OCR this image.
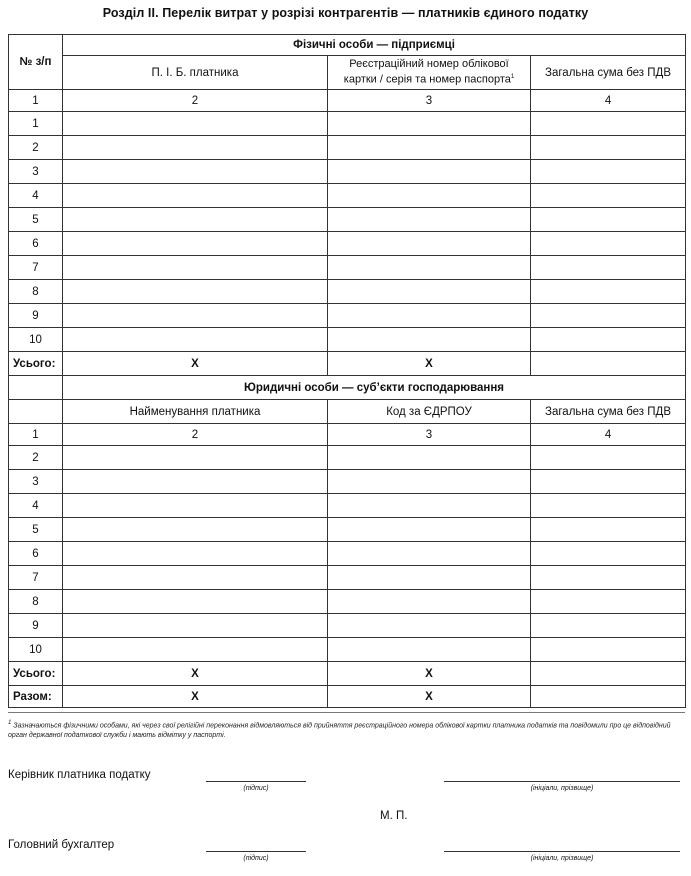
Розділ ІІ. Перелік витрат у розрізі контрагентів — платників єдиного податку
№ з/п	Фізичні особи — підприємці		
	П. І. Б. платника	Реєстраційний номер облікової
картки / серія та номер паспорта$^1$	Загальна сума без ПДВ
1	2	3	4
1			
2			
3			
4			
5			
6			
7			
8			
9			
10			
Усього:	Х	Х	
	Юридичні особи — суб’єкти господарювання		
	Найменування платника	Код за ЄДРПОУ	Загальна сума без ПДВ
1	2	3	4
2			
3			
4			
5			
6			
7			
8			
9			
10			
Усього:	Х	Х	
Разом:	Х	Х	
$^1$ Зазначаються фізичними особами, які через свої релігійні переконання відмовляються від прийняття реєстраційного номера облікової картки платника податків та повідомили про це відповідний орган державної податкової служби і мають відмітку у паспорті.
Керівник платника податку
(підпис)	(ініціали, прізвище)
М. П.
Головний бухгалтер
(підпис)	(ініціали, прізвище)
